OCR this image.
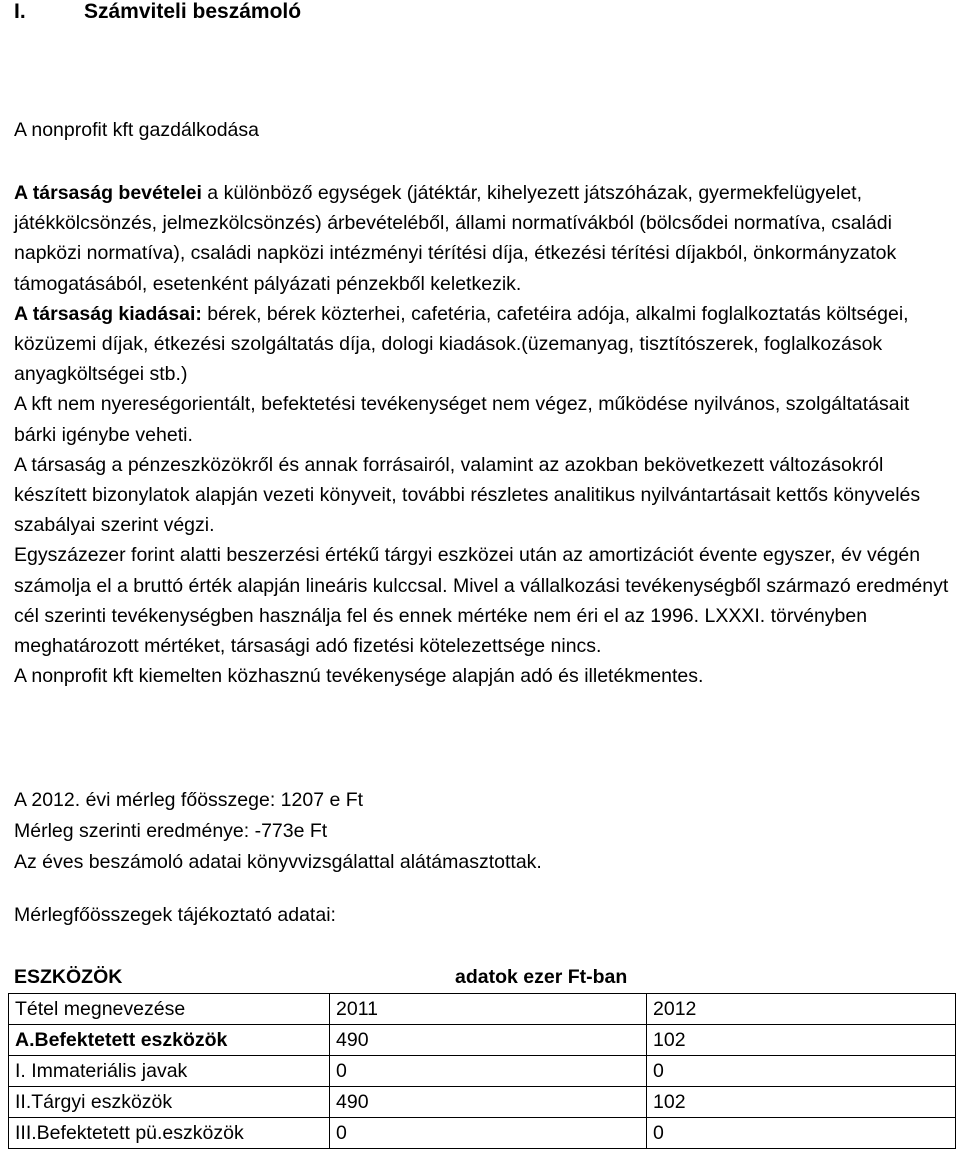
I.	Számviteli beszámoló
A nonprofit kft gazdálkodása

A társaság bevételei a különböző egységek (játéktár, kihelyezett játszóházak, gyermekfelügyelet, játékkölcsönzés, jelmezkölcsönzés) árbevételéből, állami normatívákból (bölcsődei normatíva, családi napközi normatíva), családi napközi intézményi térítési díja, étkezési térítési díjakból, önkormányzatok támogatásából, esetenként pályázati pénzekből keletkezik.

A társaság kiadásai: bérek, bérek közterhei, cafetéria, cafetéira adója, alkalmi foglalkoztatás költségei, közüzemi díjak, étkezési szolgáltatás díja, dologi kiadások.(üzemanyag, tisztítószerek, foglalkozások anyagköltségei stb.)

A kft nem nyereségorientált, befektetési tevékenységet nem végez, működése nyilvános, szolgáltatásait bárki igénybe veheti.

A társaság a pénzeszközökről és annak forrásairól, valamint az azokban bekövetkezett változásokról készített bizonylatok alapján vezeti könyveit, további részletes analitikus nyilvántartásait kettős könyvelés szabályai szerint végzi.

Egyszázezer forint alatti beszerzési értékű tárgyi eszközei után az amortizációt évente egyszer, év végén számolja el a bruttó érték alapján lineáris kulccsal. Mivel a vállalkozási tevékenységből származó eredményt cél szerinti tevékenységben használja fel és ennek mértéke nem éri el az 1996. LXXXI. törvényben meghatározott mértéket, társasági adó fizetési kötelezettsége nincs.

A nonprofit kft kiemelten közhasznú tevékenysége alapján adó és illetékmentes.

A 2012. évi mérleg főösszege: 1207 e Ft

Mérleg szerinti eredménye: -773e Ft

Az éves beszámoló adatai könyvvizsgálattal alátámasztottak.

Mérlegfőösszegek tájékoztató adatai:
ESZKÖZÖK	adatok ezer Ft-ban
Tétel megnevezése	2011	2012
A.Befektetett eszközök	490	102
I. Immateriális javak	0	0
II.Tárgyi eszközök	490	102
III.Befektetett pü.eszközök	0	0
